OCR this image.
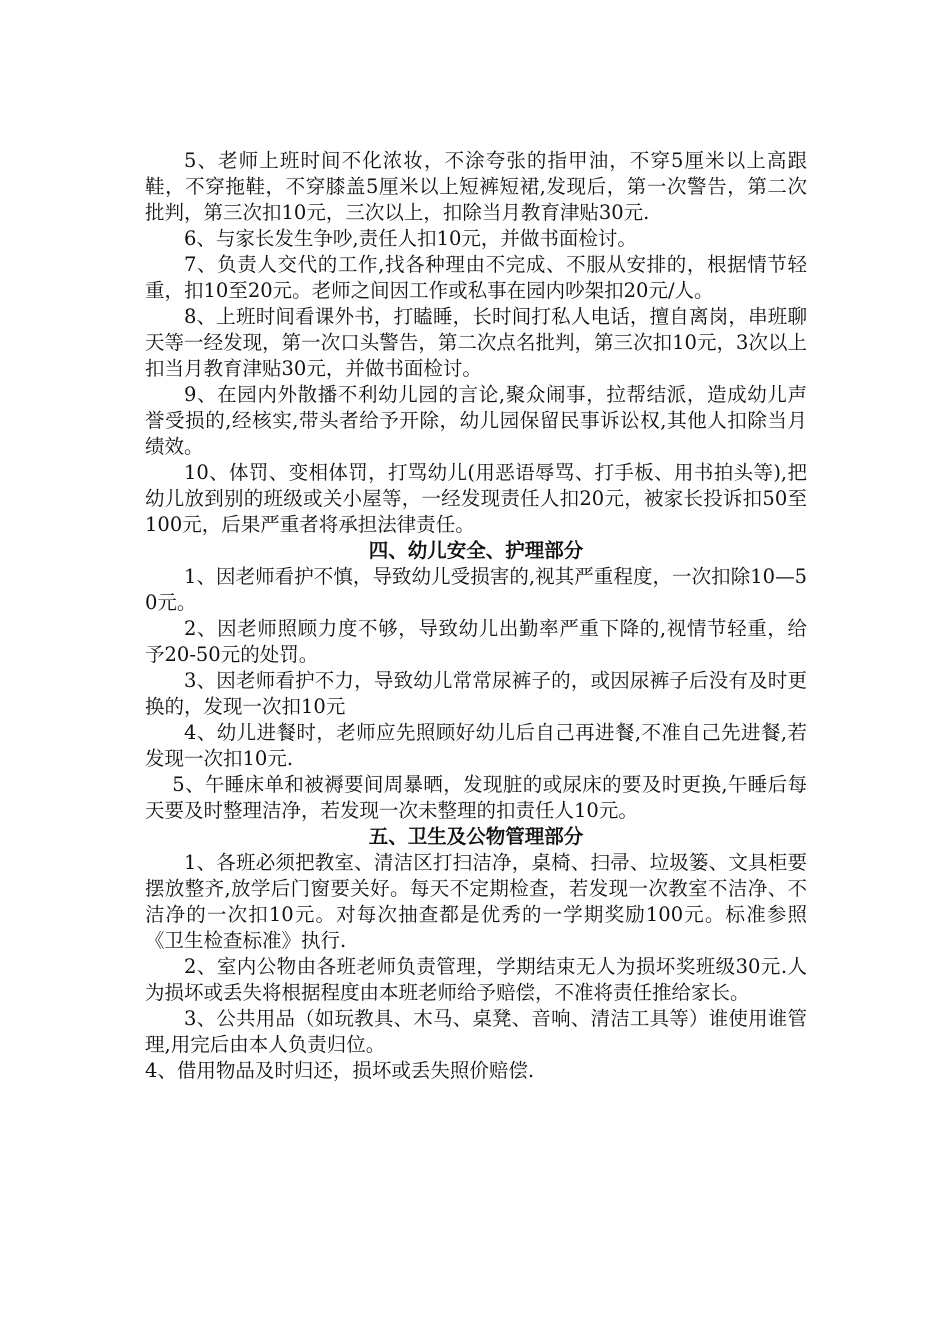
5、老师上班时间不化浓妆，不涂夸张的指甲油，不穿5厘米以上高跟鞋，不穿拖鞋，不穿膝盖5厘米以上短裤短裙,发现后，第一次警告，第二次批判，第三次扣10元，三次以上，扣除当月教育津贴30元.

6、与家长发生争吵,责任人扣10元，并做书面检讨。

7、负责人交代的工作,找各种理由不完成、不服从安排的，根据情节轻重，扣10至20元。老师之间因工作或私事在园内吵架扣20元/人。

8、上班时间看课外书，打瞌睡，长时间打私人电话，擅自离岗，串班聊天等一经发现，第一次口头警告，第二次点名批判，第三次扣10元，3次以上扣当月教育津贴30元，并做书面检讨。

9、在园内外散播不利幼儿园的言论,聚众闹事，拉帮结派，造成幼儿声誉受损的,经核实,带头者给予开除，幼儿园保留民事诉讼权,其他人扣除当月绩效。

10、体罚、变相体罚，打骂幼儿(用恶语辱骂、打手板、用书拍头等),把幼儿放到别的班级或关小屋等，一经发现责任人扣20元，被家长投诉扣50至100元，后果严重者将承担法律责任。

四、幼儿安全、护理部分

1、因老师看护不慎，导致幼儿受损害的,视其严重程度，一次扣除10—50元。

2、因老师照顾力度不够，导致幼儿出勤率严重下降的,视情节轻重，给予20-50元的处罚。

3、因老师看护不力，导致幼儿常常尿裤子的，或因尿裤子后没有及时更换的，发现一次扣10元

4、幼儿进餐时，老师应先照顾好幼儿后自己再进餐,不准自己先进餐,若发现一次扣10元.

5、午睡床单和被褥要间周暴晒，发现脏的或尿床的要及时更换,午睡后每天要及时整理洁净，若发现一次未整理的扣责任人10元。

五、卫生及公物管理部分

1、各班必须把教室、清洁区打扫洁净，桌椅、扫帚、垃圾篓、文具柜要摆放整齐,放学后门窗要关好。每天不定期检查，若发现一次教室不洁净、不洁净的一次扣10元。对每次抽查都是优秀的一学期奖励100元。标准参照《卫生检查标准》执行.

2、室内公物由各班老师负责管理，学期结束无人为损坏奖班级30元.人为损坏或丢失将根据程度由本班老师给予赔偿，不准将责任推给家长。

3、公共用品（如玩教具、木马、桌凳、音响、清洁工具等）谁使用谁管理,用完后由本人负责归位。

4、借用物品及时归还，损坏或丢失照价赔偿.
